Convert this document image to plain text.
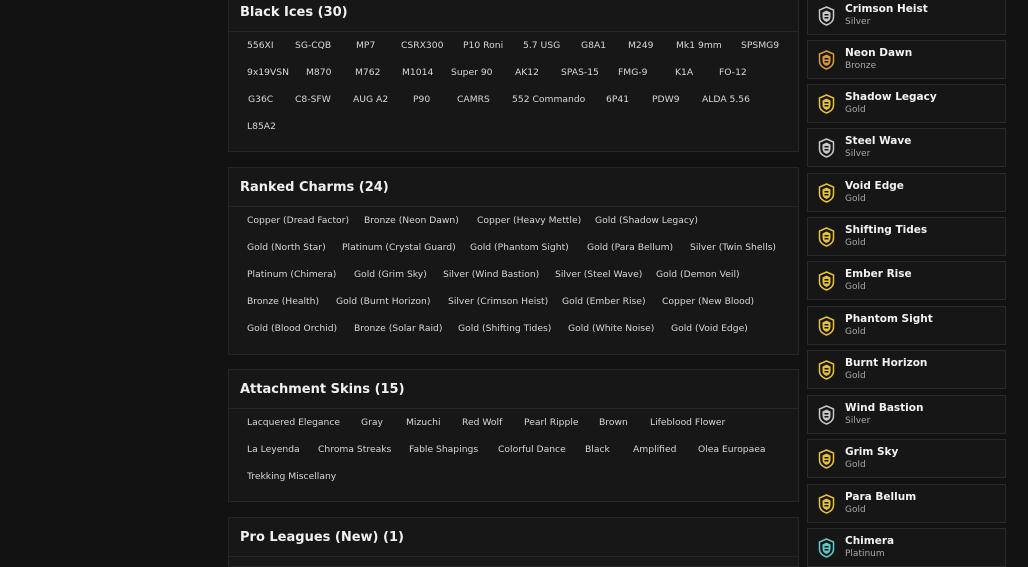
Black Ices (30)
556XI SG-CQB	MP7	CSRX300 P10 Roni 5.7 USG G8A1 M249 Mk1 9mm SPSMG9
9x19VSN M870	M762 M1014 Super 90 AK12 SPAS-15 FMG-9	K1A	FO-12
G36C C8-SFW AUG A2	P90	CAMRS 552 Commando 6P41 PDW9 ALDA 5.56
L85A2
Ranked Charms (24)
Copper (Dread Factor) Bronze (Neon Dawn) Copper (Heavy Mettle) Gold (Shadow Legacy)
Gold (North Star) Platinum (Crystal Guard) Gold (Phantom Sight) Gold (Para Bellum) Silver (Twin Shells)
Platinum (Chimera) Gold (Grim Sky) Silver (Wind Bastion) Silver (Steel Wave) Gold (Demon Veil)
Bronze (Health) Gold (Burnt Horizon) Silver (Crimson Heist) Gold (Ember Rise) Copper (New Blood)
Gold (Blood Orchid) Bronze (Solar Raid) Gold (Shifting Tides) Gold (White Noise) Gold (Void Edge)
Attachment Skins (15)
Lacquered Elegance Gray	Mizuchi Red Wolf Pearl Ripple Brown Lifeblood Flower
La Leyenda Chroma Streaks Fable Shapings Colorful Dance Black	Amplified Olea Europaea
Trekking Miscellany
Pro Leagues (New) (1)
Crimson Heist
Silver
Neon Dawn
Bronze
Shadow Legacy
Gold
Steel Wave
Silver
Void Edge
Gold
Shifting Tides
Gold
Ember Rise
Gold
Phantom Sight
Gold
Burnt Horizon
Gold
Wind Bastion
Silver
Grim Sky
Gold
Para Bellum
Gold
Chimera
Platinum
